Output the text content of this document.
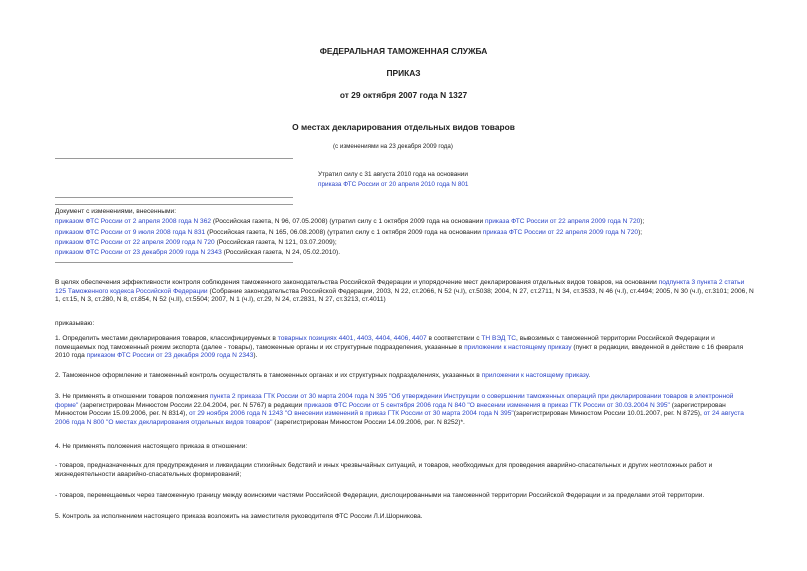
ФЕДЕРАЛЬНАЯ ТАМОЖЕННАЯ СЛУЖБА
ПРИКАЗ
от 29 октября 2007 года N 1327
О местах декларирования отдельных видов товаров
(с изменениями на 23 декабря 2009 года)
Утратил силу с 31 августа 2010 года на основании
приказа ФТС России от 20 апреля 2010 года N 801

Документ с изменениями, внесенными:

приказом ФТС России от 2 апреля 2008 года N 362 (Российская газета, N 96, 07.05.2008) (утратил силу с 1 октября 2009 года на основании приказа ФТС России от 22 апреля 2009 года N 720);

приказом ФТС России от 9 июля 2008 года N 831 (Российская газета, N 165, 06.08.2008) (утратил силу с 1 октября 2009 года на основании приказа ФТС России от 22 апреля 2009 года N 720);

приказом ФТС России от 22 апреля 2009 года N 720 (Российская газета, N 121, 03.07.2009);

приказом ФТС России от 23 декабря 2009 года N 2343 (Российская газета, N 24, 05.02.2010).

В целях обеспечения эффективности контроля соблюдения таможенного законодательства Российской Федерации и упорядочение мест декларирования отдельных видов товаров, на основании подпункта 3 пункта 2 статьи 125 Таможенного кодекса Российской Федерации (Собрание законодательства Российской Федерации, 2003, N 22, ст.2066, N 52 (ч.I), ст.5038; 2004, N 27, ст.2711, N 34, ст.3533, N 46 (ч.I), ст.4494; 2005, N 30 (ч.I), ст.3101; 2006, N 1, ст.15, N 3, ст.280, N 8, ст.854, N 52 (ч.II), ст.5504; 2007, N 1 (ч.I), ст.29, N 24, ст.2831, N 27, ст.3213, ст.4011)

приказываю:

1. Определить местами декларирования товаров, классифицируемых в товарных позициях 4401, 4403, 4404, 4406, 4407 в соответствии с ТН ВЭД ТС, вывозимых с таможенной территории Российской Федерации и помещаемых под таможенный режим экспорта (далее - товары), таможенные органы и их структурные подразделения, указанные в приложении к настоящему приказу (пункт в редакции, введенной в действие с 16 февраля 2010 года приказом ФТС России от 23 декабря 2009 года N 2343).

2. Таможенное оформление и таможенный контроль осуществлять в таможенных органах и их структурных подразделениях, указанных в приложении к настоящему приказу.

3. Не применять в отношении товаров положения пункта 2 приказа ГТК России от 30 марта 2004 года N 395 "Об утверждении Инструкции о совершении таможенных операций при декларировании товаров в электронной форме" (зарегистрирован Минюстом России 22.04.2004, рег. N 5767) в редакции приказов ФТС России от 5 сентября 2006 года N 840 "О внесении изменения в приказ ГТК России от 30.03.2004 N 395" (зарегистрирован Минюстом России 15.09.2006, рег. N 8314), от 29 ноября 2006 года N 1243 "О внесении изменений в приказ ГТК России от 30 марта 2004 года N 395"(зарегистрирован Минюстом России 10.01.2007, рег. N 8725), от 24 августа 2006 года N 800 "О местах декларирования отдельных видов товаров" (зарегистрирован Минюстом России 14.09.2006, рег. N 8252)*.

4. Не применять положения настоящего приказа в отношении:
- товаров, предназначенных для предупреждения и ликвидации стихийных бедствий и иных чрезвычайных ситуаций, и товаров, необходимых для проведения аварийно-спасательных и других неотложных работ и жизнедеятельности аварийно-спасательных формирований;
- товаров, перемещаемых через таможенную границу между воинскими частями Российской Федерации, дислоцированными на таможенной территории Российской Федерации и за пределами этой территории.
5. Контроль за исполнением настоящего приказа возложить на заместителя руководителя ФТС России Л.И.Шорникова.
